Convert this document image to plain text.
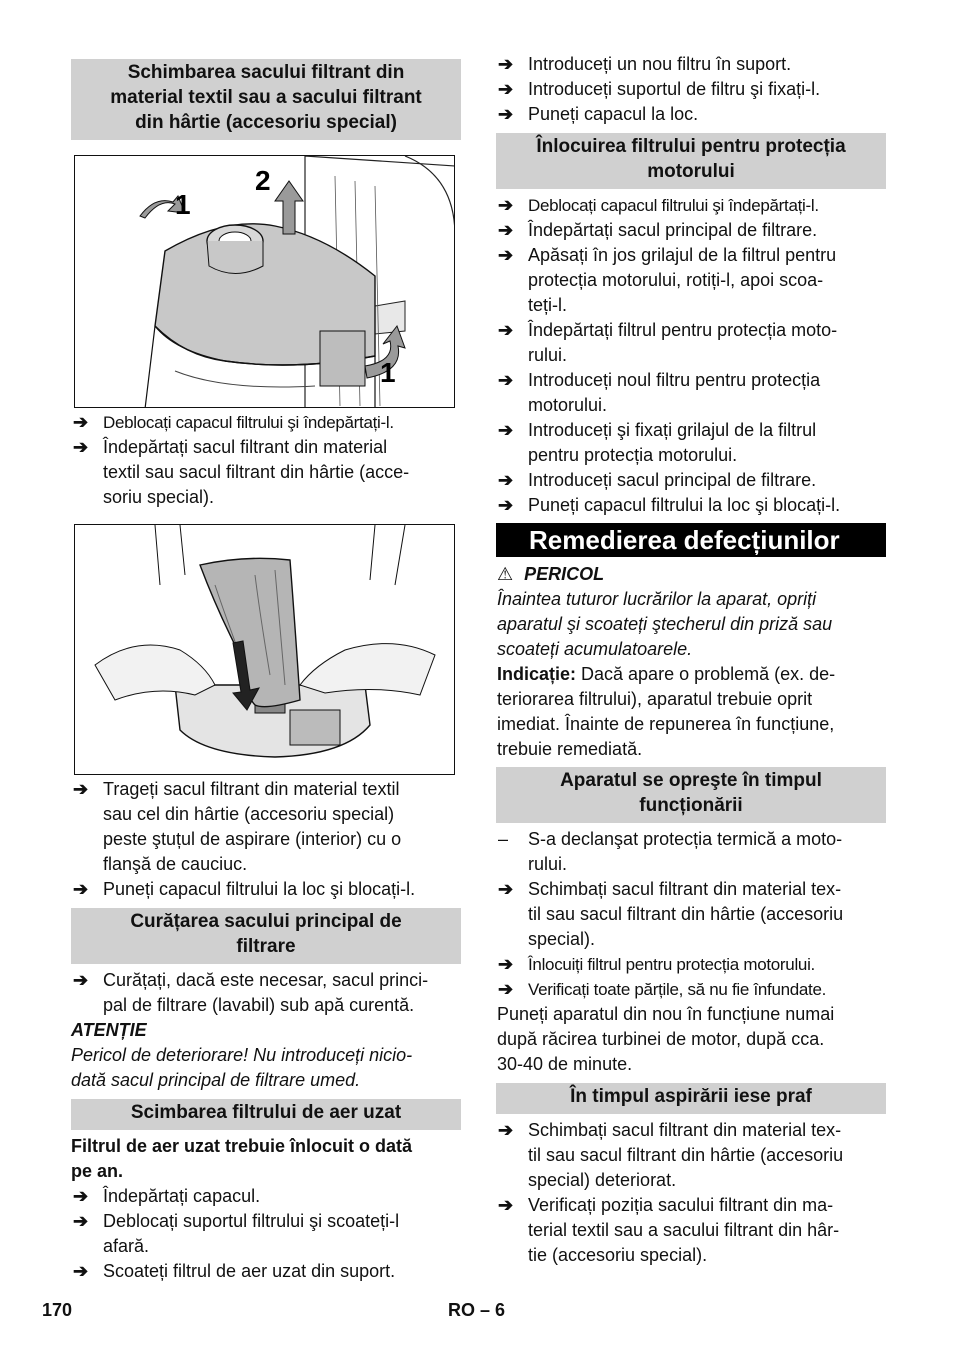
Schimbarea sacului filtrant din
material textil sau a sacului filtrant
din hârtie (accesoriu special)
1
2
1
➔ Deblocați capacul filtrului şi îndepărtați-l.
➔ Îndepărtați sacul filtrant din material
textil sau sacul filtrant din hârtie (acce-
soriu special).
➔ Trageți sacul filtrant din material textil
sau cel din hârtie (accesoriu special)
peste ştuțul de aspirare (interior) cu o
flanşă de cauciuc.
➔ Puneți capacul filtrului la loc şi blocați-l.
Curățarea sacului principal de
filtrare
➔ Curățați, dacă este necesar, sacul princi-
pal de filtrare (lavabil) sub apă curentă.
ATENȚIE
Pericol de deteriorare! Nu introduceți nicio-
dată sacul principal de filtrare umed.
Scimbarea filtrului de aer uzat
Filtrul de aer uzat trebuie înlocuit o dată
pe an.
➔ Îndepărtați capacul.
➔ Deblocați suportul filtrului şi scoateți-l
afară.
➔ Scoateți filtrul de aer uzat din suport.
➔ Introduceți un nou filtru în suport.
➔ Introduceți suportul de filtru şi fixați-l.
➔ Puneți capacul la loc.
Înlocuirea filtrului pentru protecția
motorului
➔ Deblocați capacul filtrului şi îndepărtați-l.
➔ Îndepărtați sacul principal de filtrare.
➔ Apăsați în jos grilajul de la filtrul pentru
protecția motorului, rotiți-l, apoi scoa-
teți-l.
➔ Îndepărtați filtrul pentru protecția moto-
rului.
➔ Introduceți noul filtru pentru protecția
motorului.
➔ Introduceți şi fixați grilajul de la filtrul
pentru protecția motorului.
➔ Introduceți sacul principal de filtrare.
➔ Puneți capacul filtrului la loc şi blocați-l.
Remedierea defecțiunilor
⚠ PERICOL
Înaintea tuturor lucrărilor la aparat, opriți
aparatul şi scoateți ştecherul din priză sau
scoateți acumulatoarele.
Indicație: Dacă apare o problemă (ex. de-
teriorarea filtrului), aparatul trebuie oprit
imediat. Înainte de repunerea în funcțiune,
trebuie remediată.
Aparatul se opreşte în timpul
funcționării
– S-a declanşat protecția termică a moto-
rului.
➔ Schimbați sacul filtrant din material tex-
til sau sacul filtrant din hârtie (accesoriu
special).
➔ Înlocuiți filtrul pentru protecția motorului.
➔ Verificați toate părțile, să nu fie înfundate.
Puneți aparatul din nou în funcțiune numai
după răcirea turbinei de motor, după cca.
30-40 de minute.
În timpul aspirării iese praf
➔ Schimbați sacul filtrant din material tex-
til sau sacul filtrant din hârtie (accesoriu
special) deteriorat.
➔ Verificați poziția sacului filtrant din ma-
terial textil sau a sacului filtrant din hâr-
tie (accesoriu special).
170	RO – 6
